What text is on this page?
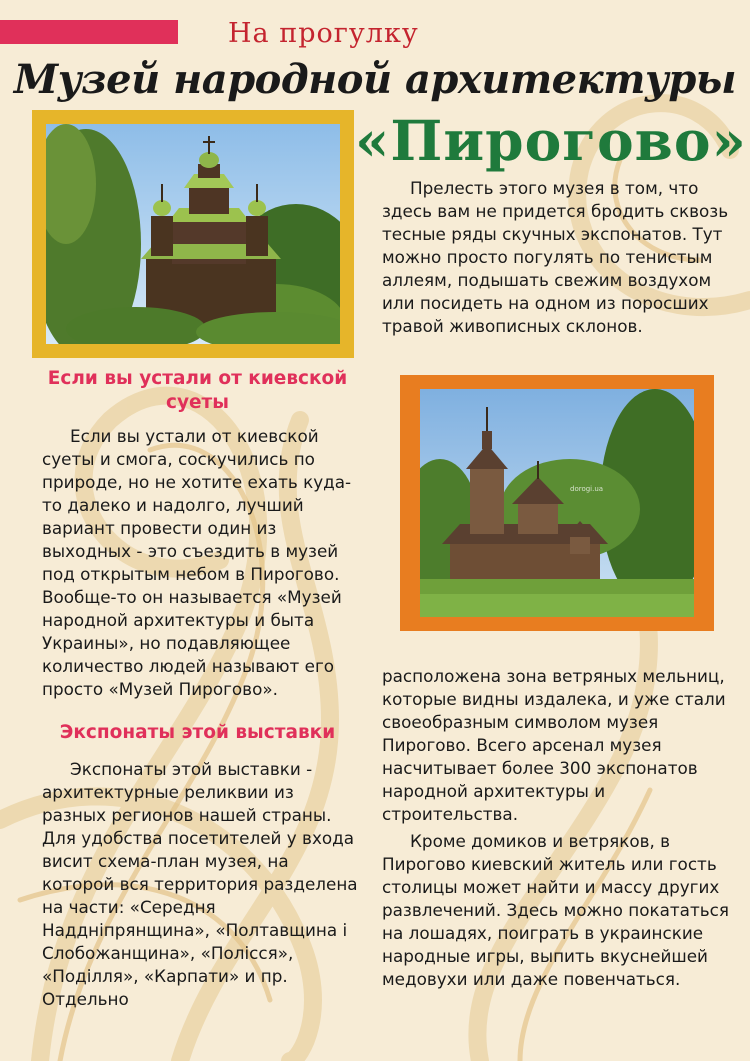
На прогулку
Музей народной архитектуры
«Пирогово»

Прелесть этого музея в том, что здесь вам не придется бродить сквозь тесные ряды скучных экспонатов. Тут можно просто погулять по тенистым аллеям, подышать свежим воздухом или посидеть на одном из поросших травой живописных склонов.

Если вы устали от киевской суеты

Если вы устали от киевской суеты и смога, соскучились по природе, но не хотите ехать куда-то далеко и надолго, лучший вариант провести один из выходных - это съездить в музей под открытым небом в Пирогово. Вообще-то он называется «Музей народной архитектуры и быта Украины», но подавляющее количество людей называют его просто «Музей Пирогово».

Экспонаты этой выставки

Экспонаты этой выставки - архитектурные реликвии из разных регионов нашей страны. Для удобства посетителей у входа висит схема-план музея, на которой вся территория разделена на части: «Середня Наддніпрянщина», «Полтавщина і Слобожанщина», «Полісся», «Поділля», «Карпати» и пр. Отдельно

dorogi.ua

расположена зона ветряных мельниц, которые видны издалека, и уже стали своеобразным символом музея Пирогово. Всего арсенал музея насчитывает более 300 экспонатов народной архитектуры и строительства.

Кроме домиков и ветряков, в Пирогово киевский житель или гость столицы может найти и массу других развлечений. Здесь можно покататься на лошадях, поиграть в украинские народные игры, выпить вкуснейшей медовухи или даже повенчаться.
